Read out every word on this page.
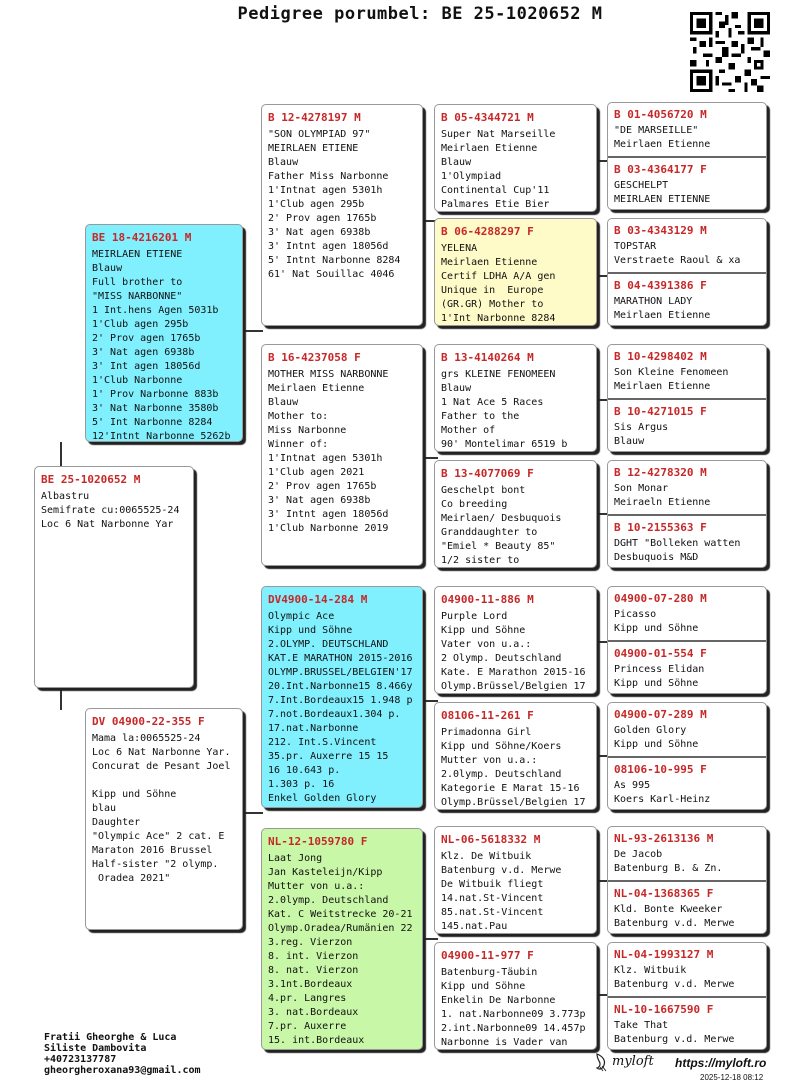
Pedigree porumbel: BE 25-1020652 M
BE 25-1020652 M
Albastru
Semifrate cu:0065525-24
Loc 6 Nat Narbonne Yar
BE 18-4216201 M
MEIRLAEN ETIENE
Blauw
Full brother to
"MISS NARBONNE"
1 Int.hens Agen 5031b
1'Club agen 295b
2' Prov agen 1765b
3' Nat agen 6938b
3' Int agen 18056d
1'Club Narbonne
1' Prov Narbonne 883b
3' Nat Narbonne 3580b
5' Int Narbonne 8284
12'Intnt Narbonne 5262b
DV 04900-22-355 F
Mama la:0065525-24
Loc 6 Nat Narbonne Yar.
Concurat de Pesant Joel

Kipp und Söhne
blau
Daughter
"Olympic Ace" 2 cat. E
Maraton 2016 Brussel
Half-sister "2 olymp.
Oradea 2021"
B 12-4278197 M
"SON OLYMPIAD 97"
MEIRLAEN ETIENE
Blauw
Father Miss Narbonne
1'Intnat agen 5301h
1'Club agen 295b
2' Prov agen 1765b
3' Nat agen 6938b
3' Intnt agen 18056d
5' Intnt Narbonne 8284
61' Nat Souillac 4046
B 16-4237058 F
MOTHER MISS NARBONNE
Meirlaen Etienne
Blauw
Mother to:
Miss Narbonne
Winner of:
1'Intnat agen 5301h
1'Club agen 2021
2' Prov agen 1765b
3' Nat agen 6938b
3' Intnt agen 18056d
1'Club Narbonne 2019
DV4900-14-284 M
Olympic Ace
Kipp und Söhne
2.OLYMP. DEUTSCHLAND
KAT.E MARATHON 2015-2016
OLYMP.BRUSSEL/BELGIEN'17
20.Int.Narbonne15 8.466y
7.Int.Bordeaux15 1.948 p
7.not.Bordeaux1.304 p.
17.nat.Narbonne
212. Int.S.Vincent
35.pr. Auxerre 15 15
16 10.643 p.
1.303 p. 16
Enkel Golden Glory
NL-12-1059780 F
Laat Jong
Jan Kasteleijn/Kipp
Mutter von u.a.:
2.0lymp. Deutschland
Kat. C Weitstrecke 20-21
Olymp.Oradea/Rumänien 22
3.reg. Vierzon
8. int. Vierzon
8. nat. Vierzon
3.1nt.Bordeaux
4.pr. Langres
3. nat.Bordeaux
7.pr. Auxerre
15. int.Bordeaux
B 05-4344721 M
Super Nat Marseille
Meirlaen Etienne
Blauw
1'Olympiad
Continental Cup'11
Palmares Etie Bier
B 06-4288297 F
YELENA
Meirlaen Etienne
Certif LDHA A/A gen
Unique in  Europe
(GR.GR) Mother to
1'Int Narbonne 8284
B 13-4140264 M
grs KLEINE FENOMEEN
Blauw
1 Nat Ace 5 Races
Father to the
Mother of
90' Montelimar 6519 b
B 13-4077069 F
Geschelpt bont
Co breeding
Meirlaen/ Desbuquois
Granddaughter to
"Emiel * Beauty 85"
1/2 sister to
04900-11-886 M
Purple Lord
Kipp und Söhne
Vater von u.a.:
2 Olymp. Deutschland
Kate. E Marathon 2015-16
Olymp.Brüssel/Belgien 17
08106-11-261 F
Primadonna Girl
Kipp und Söhne/Koers
Mutter von u.a.:
2.0lymp. Deutschland
Kategorie E Marat 15-16
Olymp.Brüssel/Belgien 17
NL-06-5618332 M
Klz. De Witbuik
Batenburg v.d. Merwe
De Witbuik fliegt
14.nat.St-Vincent
85.nat.St-Vincent
145.nat.Pau
04900-11-977 F
Batenburg-Täubin
Kipp und Söhne
Enkelin De Narbonne
1. nat.Narbonne09 3.773p
2.int.Narbonne09 14.457p
Narbonne is Vader van
B 01-4056720 M
"DE MARSEILLE"
Meirlaen Etienne
B 03-4364177 F
GESCHELPT
MEIRLAEN ETIENNE
B 03-4343129 M
TOPSTAR
Verstraete Raoul & xa
B 04-4391386 F
MARATHON LADY
Meirlaen Etienne
B 10-4298402 M
Son Kleine Fenomeen
Meirlaen Etienne
B 10-4271015 F
Sis Argus
Blauw
B 12-4278320 M
Son Monar
Meiraeln Etienne
B 10-2155363 F
DGHT "Bolleken watten
Desbuquois M&D
04900-07-280 M
Picasso
Kipp und Söhne
04900-01-554 F
Princess Elidan
Kipp und Söhne
04900-07-289 M
Golden Glory
Kipp und Söhne
08106-10-995 F
As 995
Koers Karl-Heinz
NL-93-2613136 M
De Jacob
Batenburg B. & Zn.
NL-04-1368365 F
Kld. Bonte Kweeker
Batenburg v.d. Merwe
NL-04-1993127 M
Klz. Witbuik
Batenburg v.d. Merwe
NL-10-1667590 F
Take That
Batenburg v.d. Merwe
Fratii Gheorghe & Luca
Siliste Dambovita
+40723137787
gheorgheroxana93@gmail.com
myloft https://myloft.ro
2025-12-18 08:12
